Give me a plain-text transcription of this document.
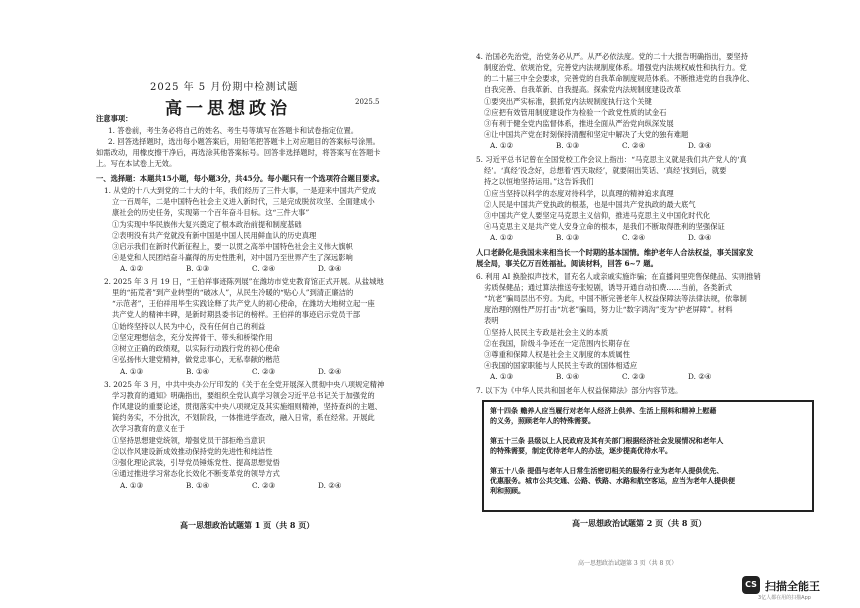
2025 年 5 月份期中检测试题
高一思想政治	2025.5
注意事项：
1. 答卷前，考生务必将自己的姓名、考生号等填写在答题卡和试卷指定位置。
2. 回答选择题时，选出每小题答案后，用铅笔把答题卡上对应题目的答案标号涂黑。
如需改动，用橡皮擦干净后，再选涂其他答案标号。回答非选择题时，将答案写在答题卡
上。写在本试卷上无效。
一、选择题：本题共15小题，每小题3分，共45分。每小题只有一个选项符合题目要求。
1. 从党的十八大到党的二十大的十年，我们经历了三件大事，一是迎来中国共产党成
立一百周年，二是中国特色社会主义进入新时代，三是完成脱贫攻坚、全面建成小
康社会的历史任务，实现第一个百年奋斗目标。这“三件大事”
①为实现中华民族伟大复兴奠定了根本政治前提和制度基础
②表明没有共产党就没有新中国是中国人民用鲜血认的历史真理
③启示我们在新时代新征程上，要一以贯之高举中国特色社会主义伟大旗帜
④是党和人民团结奋斗赢得的历史性胜利，对中国乃至世界产生了深远影响
A. ①②	B. ①③	C. ②④	D. ③④
2. 2025 年 3 月 19 日，“王伯祥事迹陈列展”在潍坊市党史教育馆正式开展。从盐城地
里的“拓荒者”到产业转型的“破冰人”，从民生冷暖的“贴心人”到清正廉洁的
“示范者”，王伯祥用毕生实践诠释了共产党人的初心使命，在潍坊大地树立起一座
共产党人的精神丰碑，是新时期县委书记的榜样。王伯祥的事迹启示党员干部
①始终坚持以人民为中心，没有任何自己的利益
②坚定理想信念，充分发挥骨干、带头和桥梁作用
③树立正确的政绩观，以实际行动践行党的初心使命
④弘扬伟大建党精神，做党忠事心，无私奉献的楷范
A. ①③	B. ①④	C. ②③	D. ②④
3. 2025 年 3 月，中共中央办公厅印发的《关于在全党开展深入贯彻中央八项规定精神
学习教育的通知》明确指出，要组织全党认真学习领会习近平总书记关于加强党的
作风建设的重要论述，贯彻落实中央八项规定及其实施细则精神，坚持查纠的主题、
简约务实，不分批次，不划阶段，一体推进学查改，融入日常，系在经常。开展此
次学习教育的意义在于
①坚持思想建党统领，增强党员干部拒绝当意识
②以作风建设新成效推动保持党的先进性和纯洁性
③强化理论武装，引导党员锤炼党性、提高思想觉悟
④通过推进学习常态化长效化不断变革党的领导方式
A. ①③	B. ①④	C. ②③	D. ②④
高一思想政治试题第 1 页（共 8 页）
4. 治国必先治党，治党务必从严。从严必依法度。党的二十大报告明确指出，要坚持
制度治党、依规治党，完善党内法规制度体系。增强党内法规权威性和执行力。党
的二十届三中全会要求，完善党的自我革命制度规范体系。不断推进党的自我净化、
自我完善、自我革新、自我提高。探索党内法规制度建设改革
①要突出严实标准，狠抓党内法规制度执行这个关键
②应把有效管用制度建设作为检验一个政党性质的试金石
③有利于健全党内监督体系，推进全面从严治党向纵深发展
④让中国共产党在时刻保持清醒和坚定中解决了大党的独有难题
A. ①②	B. ①③	C. ②④	D. ③④
5. 习近平总书记曾在全国党校工作会议上指出：“马克思主义就是我们共产党人的‘真
经’。‘真经’没念好，总想着‘西天取经’，就要闹出笑话、‘真经’找到后，就要
持之以恒地坚持运用。”这告诉我们
①应当坚持以科学的态度对待科学，以真理的精神追求真理
②人民是中国共产党执政的根基，也是中国共产党执政的最大底气
③中国共产党人要坚定马克思主义信仰，推进马克思主义中国化时代化
④马克思主义是共产党人安身立命的根本，是我们不断取得胜利的坚强保证
A. ①②	B. ①③	C. ②④	D. ③④
人口老龄化是我国未来相当长一个时期的基本国情。维护老年人合法权益，事关国家发
展全局，事关亿万百姓福祉。阅读材料，回答 6~7 题。
6. 利用 AI 换脸拟声技术，冒充名人或亲戚实施诈骗；在直播间里兜售保健品、实则推销
劣质保健品；通过算法推送夸张短剧，诱导开通自动扣费……当前，各类新式
“坑老”骗局层出不穷。为此，中国不断完善老年人权益保障法等法律法规，依靠制
度治理的刚性严厉打击“坑老”骗局，努力让“数字鸿沟”变为“护老屏障”。材料
表明
①坚持人民民主专政是社会主义的本质
②在我国，阶级斗争还在一定范围内长期存在
③尊重和保障人权是社会主义制度的本质属性
④我国的国家职能与人民民主专政的国体相适应
A. ①③	B. ①④	C. ②③	D. ②④
7. 以下为《中华人民共和国老年人权益保障法》部分内容节选。
第十四条 赡养人应当履行对老年人经济上供养、生活上照料和精神上慰藉
的义务，照顾老年人的特殊需要。
第五十三条 县级以上人民政府及其有关部门根据经济社会发展情况和老年人
的特殊需要，制定优待老年人的办法，逐步提高优待水平。
第五十八条 提倡与老年人日常生活密切相关的服务行业为老年人提供优先、
优惠服务。城市公共交通、公路、铁路、水路和航空客运，应当为老年人提供便
利和照顾。
高一思想政治试题第 2 页（共 8 页）
高一思想政治试题第 3 页（共 8 页）
CS 扫描全能王
3亿人都在用的扫描App
